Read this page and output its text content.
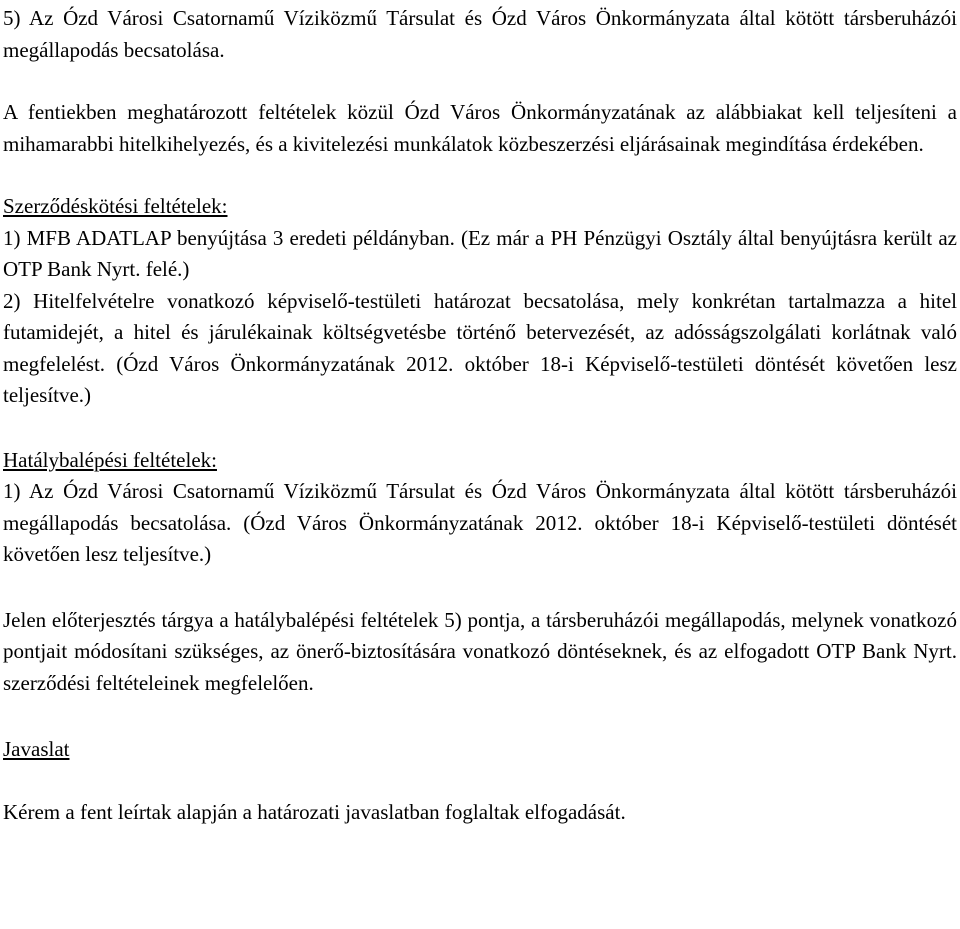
5) Az Ózd Városi Csatornamű Víziközmű Társulat és Ózd Város Önkormányzata által kötött társberuházói megállapodás becsatolása.

A fentiekben meghatározott feltételek közül Ózd Város Önkormányzatának az alábbiakat kell teljesíteni a mihamarabbi hitelkihelyezés, és a kivitelezési munkálatok közbeszerzési eljárásainak megindítása érdekében.

Szerződéskötési feltételek:

1) MFB ADATLAP benyújtása 3 eredeti példányban. (Ez már a PH Pénzügyi Osztály által benyújtásra került az OTP Bank Nyrt. felé.)

2) Hitelfelvételre vonatkozó képviselő-testületi határozat becsatolása, mely konkrétan tartalmazza a hitel futamidejét, a hitel és járulékainak költségvetésbe történő betervezését, az adósságszolgálati korlátnak való megfelelést. (Ózd Város Önkormányzatának 2012. október 18-i Képviselő-testületi döntését követően lesz teljesítve.)

Hatálybalépési feltételek:

1) Az Ózd Városi Csatornamű Víziközmű Társulat és Ózd Város Önkormányzata által kötött társberuházói megállapodás becsatolása. (Ózd Város Önkormányzatának 2012. október 18-i Képviselő-testületi döntését követően lesz teljesítve.)

Jelen előterjesztés tárgya a hatálybalépési feltételek 5) pontja, a társberuházói megállapodás, melynek vonatkozó pontjait módosítani szükséges, az önerő-biztosítására vonatkozó döntéseknek, és az elfogadott OTP Bank Nyrt. szerződési feltételeinek megfelelően.

Javaslat

Kérem a fent leírtak alapján a határozati javaslatban foglaltak elfogadását.
